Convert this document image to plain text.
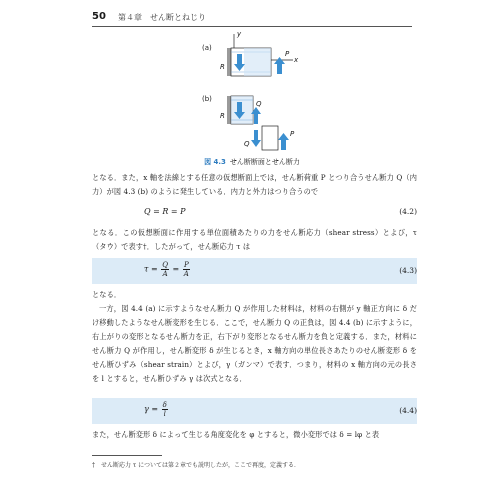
50 第４章　せん断とねじり
(a)
(b)
y
x
R
P
R
Q
Q
P
図 4.3 せん断断面とせん断力
となる．また，x 軸を法線とする任意の仮想断面上では，せん断荷重 P とつり合うせん断力 Q（内力）が図 4.3 (b) のように発生している．内力と外力はつり合うので
Q = R = P	(4.2)
となる．この仮想断面に作用する単位面積あたりの力をせん断応力（shear stress）とよび，τ（タウ）で表す†．したがって，せん断応力 τ は
$\tau = \frac{Q}{A} = \frac{P}{A}$	(4.3)
となる．
一方，図 4.4 (a) に示すようなせん断力 Q が作用した材料は，材料の右側が y 軸正方向に δ だけ移動したようなせん断変形を生じる．ここで，せん断力 Q の正負は，図 4.4 (b) に示すように，右上がりの変形となるせん断力を正，右下がり変形となるせん断力を負と定義する．また，材料にせん断力 Q が作用し，せん断変形 δ が生じるとき，x 軸方向の単位長さあたりのせん断変形 δ をせん断ひずみ（shear strain）とよび，γ（ガンマ）で表す．つまり，材料の x 軸方向の元の長さを l とすると，せん断ひずみ γ は次式となる．
$\gamma = \frac{\delta}{l}$	(4.4)
また，せん断変形 δ によって生じる角度変化を φ とすると，微小変形では δ = lφ と表
†　せん断応力 τ については第２章でも説明したが，ここで再度，定義する．
